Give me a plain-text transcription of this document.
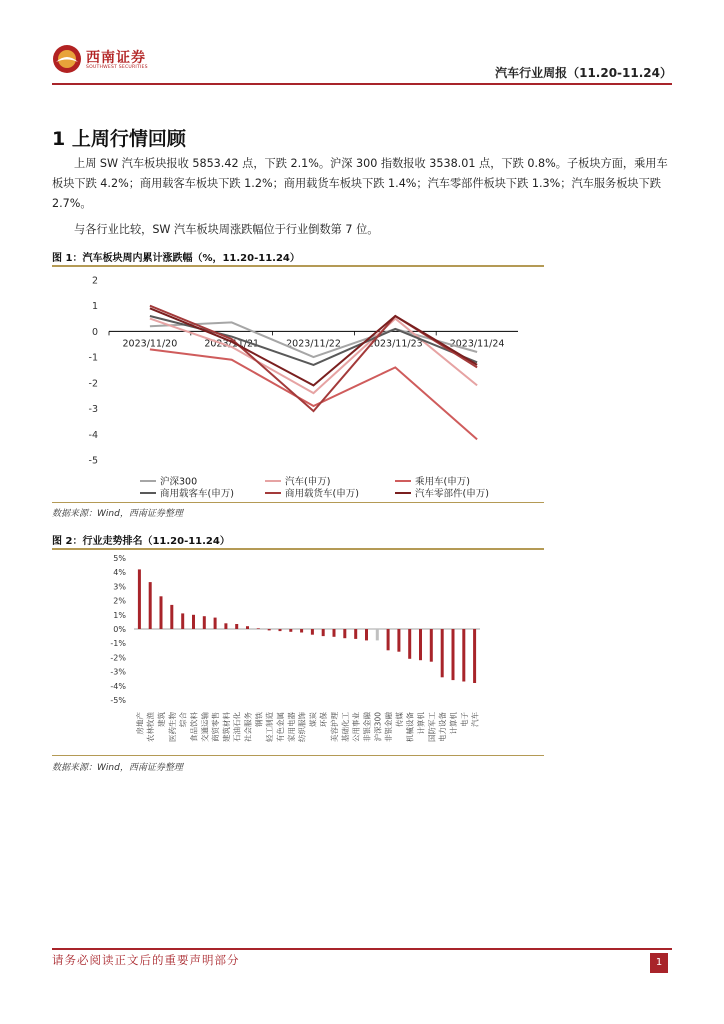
西南证券
SOUTHWEST SECURITIES	汽车行业周报（11.20-11.24）
1 上周行情回顾

上周 SW 汽车板块报收 5853.42 点，下跌 2.1%。沪深 300 指数报收 3538.01 点，下跌 0.8%。子板块方面，乘用车板块下跌 4.2%；商用载客车板块下跌 1.2%；商用载货车板块下跌 1.4%；汽车零部件板块下跌 1.3%；汽车服务板块下跌 2.7%。

与各行业比较，SW 汽车板块周涨跌幅位于行业倒数第 7 位。

图 1：汽车板块周内累计涨跌幅（%，11.20-11.24）
2
1
0
-1
-2
-3
-4
-5
2023/11/20	2023/11/21	2023/11/22	2023/11/23	2023/11/24
沪深300	汽车(申万)	乘用车(申万)
商用载客车(申万)	商用载货车(申万)	汽车零部件(申万)
数据来源：Wind，西南证券整理
图 2：行业走势排名（11.20-11.24）
5%
4%
3%
2%
1%
0%
-1%
-2%
-3%
-4%
-5%
房地产 农林牧渔 建筑 医药生物 综合 食品饮料 交通运输 商贸零售 建筑材料 石油石化 社会服务 钢铁 轻工制造 有色金属 家用电器 纺织服饰 煤炭 环保 美容护理 基础化工 公用事业 非银金融 沪深300 非银金融 传媒 机械设备 计算机 国防军工 电力设备 计算机 电子 汽车
数据来源：Wind，西南证券整理
请务必阅读正文后的重要声明部分	1
